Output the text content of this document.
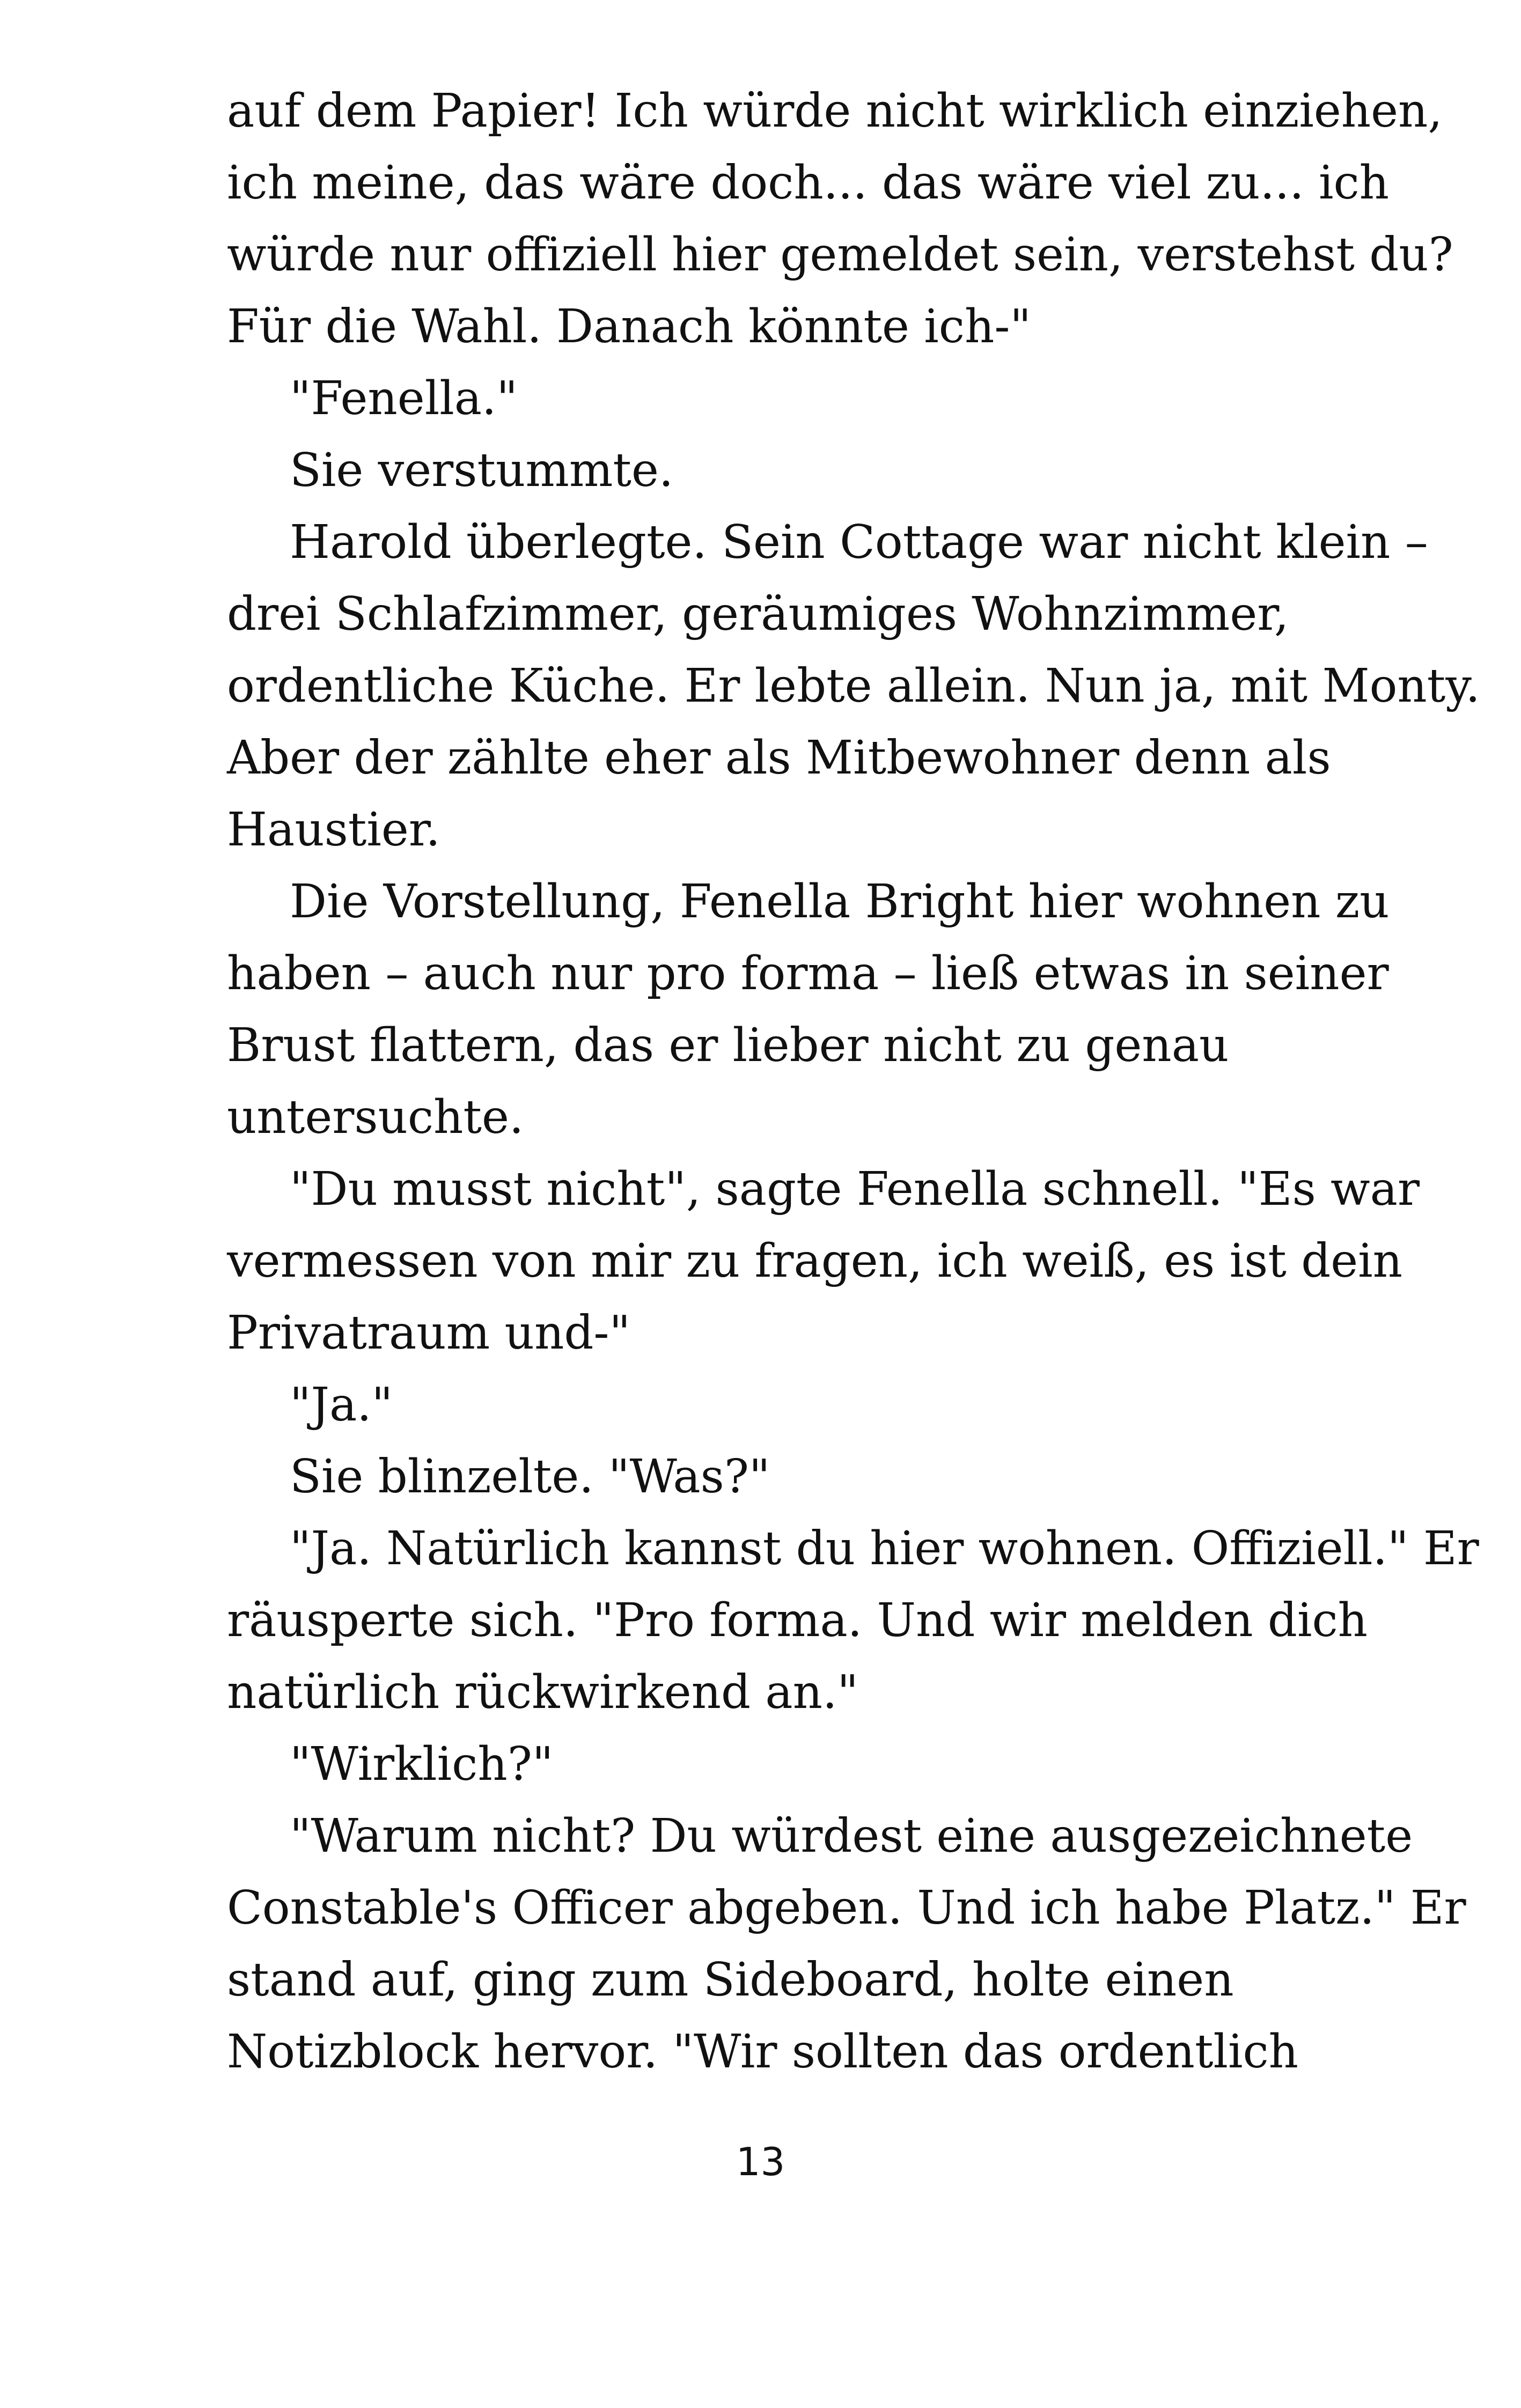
auf dem Papier! Ich würde nicht wirklich einziehen,
ich meine, das wäre doch... das wäre viel zu... ich
würde nur offiziell hier gemeldet sein, verstehst du?
Für die Wahl. Danach könnte ich-"
"Fenella."
Sie verstummte.
Harold überlegte. Sein Cottage war nicht klein –
drei Schlafzimmer, geräumiges Wohnzimmer,
ordentliche Küche. Er lebte allein. Nun ja, mit Monty.
Aber der zählte eher als Mitbewohner denn als
Haustier.
Die Vorstellung, Fenella Bright hier wohnen zu
haben – auch nur pro forma – ließ etwas in seiner
Brust flattern, das er lieber nicht zu genau
untersuchte.
"Du musst nicht", sagte Fenella schnell. "Es war
vermessen von mir zu fragen, ich weiß, es ist dein
Privatraum und-"
"Ja."
Sie blinzelte. "Was?"
"Ja. Natürlich kannst du hier wohnen. Offiziell." Er
räusperte sich. "Pro forma. Und wir melden dich
natürlich rückwirkend an."
"Wirklich?"
"Warum nicht? Du würdest eine ausgezeichnete
Constable's Officer abgeben. Und ich habe Platz." Er
stand auf, ging zum Sideboard, holte einen
Notizblock hervor. "Wir sollten das ordentlich
13
